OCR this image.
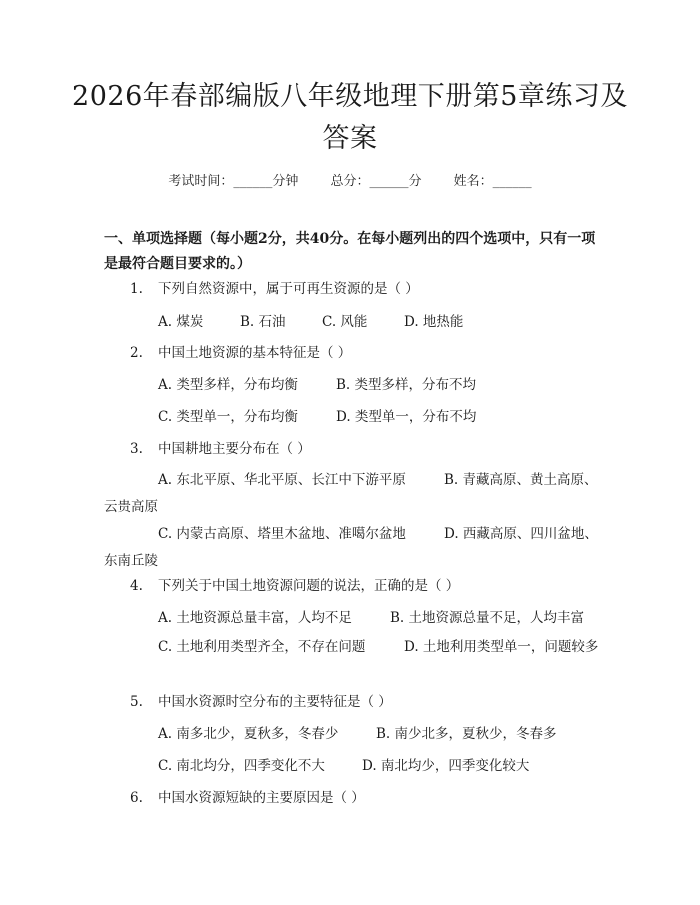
2026年春部编版八年级地理下册第5章练习及答案
考试时间：______分钟 总分：______分 姓名：______
一、单项选择题（每小题2分，共40分。在每小题列出的四个选项中，只有一项是最符合题目要求的。）
1. 下列自然资源中，属于可再生资源的是（ ）
A. 煤炭	B. 石油	C. 风能	D. 地热能
2. 中国土地资源的基本特征是（ ）
A. 类型多样，分布均衡	B. 类型多样，分布不均
C. 类型单一，分布均衡	D. 类型单一，分布不均
3. 中国耕地主要分布在（ ）
A. 东北平原、华北平原、长江中下游平原	B. 青藏高原、黄土高原、云贵高原
C. 内蒙古高原、塔里木盆地、准噶尔盆地	D. 西藏高原、四川盆地、东南丘陵
4. 下列关于中国土地资源问题的说法，正确的是（ ）
A. 土地资源总量丰富，人均不足	B. 土地资源总量不足，人均丰富
C. 土地利用类型齐全，不存在问题	D. 土地利用类型单一，问题较多
5. 中国水资源时空分布的主要特征是（ ）
A. 南多北少，夏秋多，冬春少	B. 南少北多，夏秋少，冬春多
C. 南北均分，四季变化不大	D. 南北均少，四季变化较大
6. 中国水资源短缺的主要原因是（ ）
